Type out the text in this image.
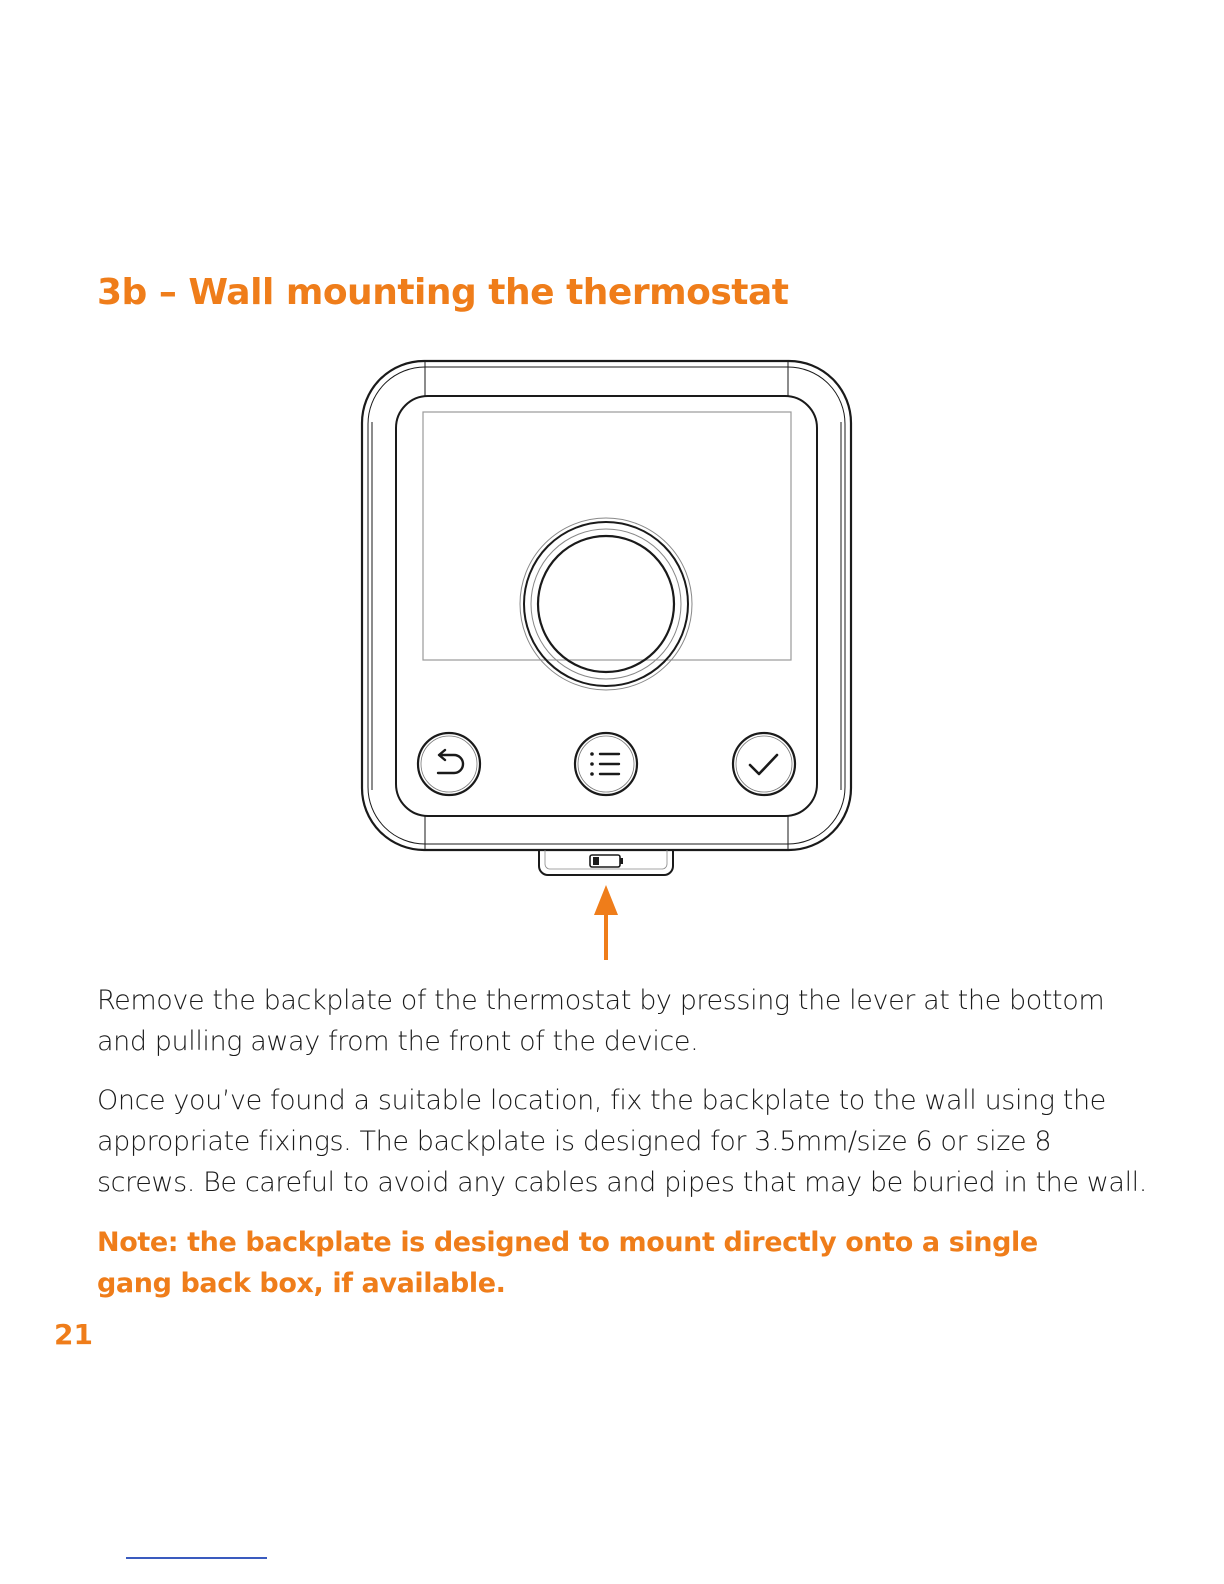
3b – Wall mounting the thermostat

Remove the backplate of the thermostat by pressing the lever at the bottom and pulling away from the front of the device.

Once you’ve found a suitable location, fix the backplate to the wall using the appropriate fixings. The backplate is designed for 3.5mm/size 6 or size 8 screws. Be careful to avoid any cables and pipes that may be buried in the wall.

Note: the backplate is designed to mount directly onto a single gang back box, if available.

21
